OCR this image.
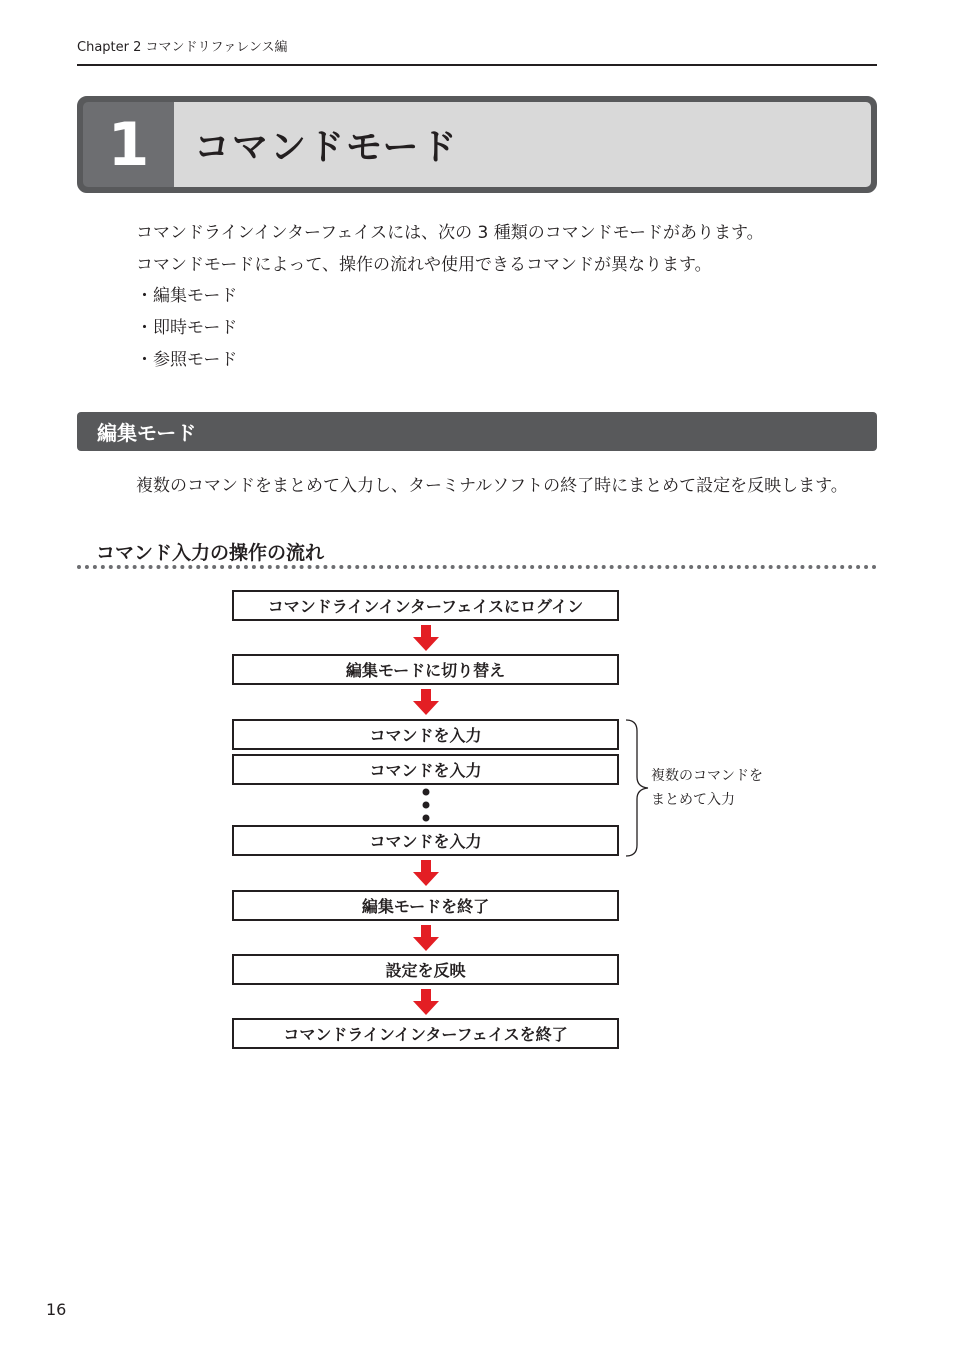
Chapter 2 コマンドリファレンス編
1	コマンドモード

コマンドラインインターフェイスには、次の 3 種類のコマンドモードがあります。

コマンドモードによって、操作の流れや使用できるコマンドが異なります。

・編集モード
・即時モード
・参照モード
編集モード
複数のコマンドをまとめて入力し、ターミナルソフトの終了時にまとめて設定を反映します。
コマンド入力の操作の流れ
コマンドラインインターフェイスにログイン
編集モードに切り替え
コマンドを入力
コマンドを入力
コマンドを入力
編集モードを終了
設定を反映
コマンドラインインターフェイスを終了

複数のコマンドを

まとめて入力

16
